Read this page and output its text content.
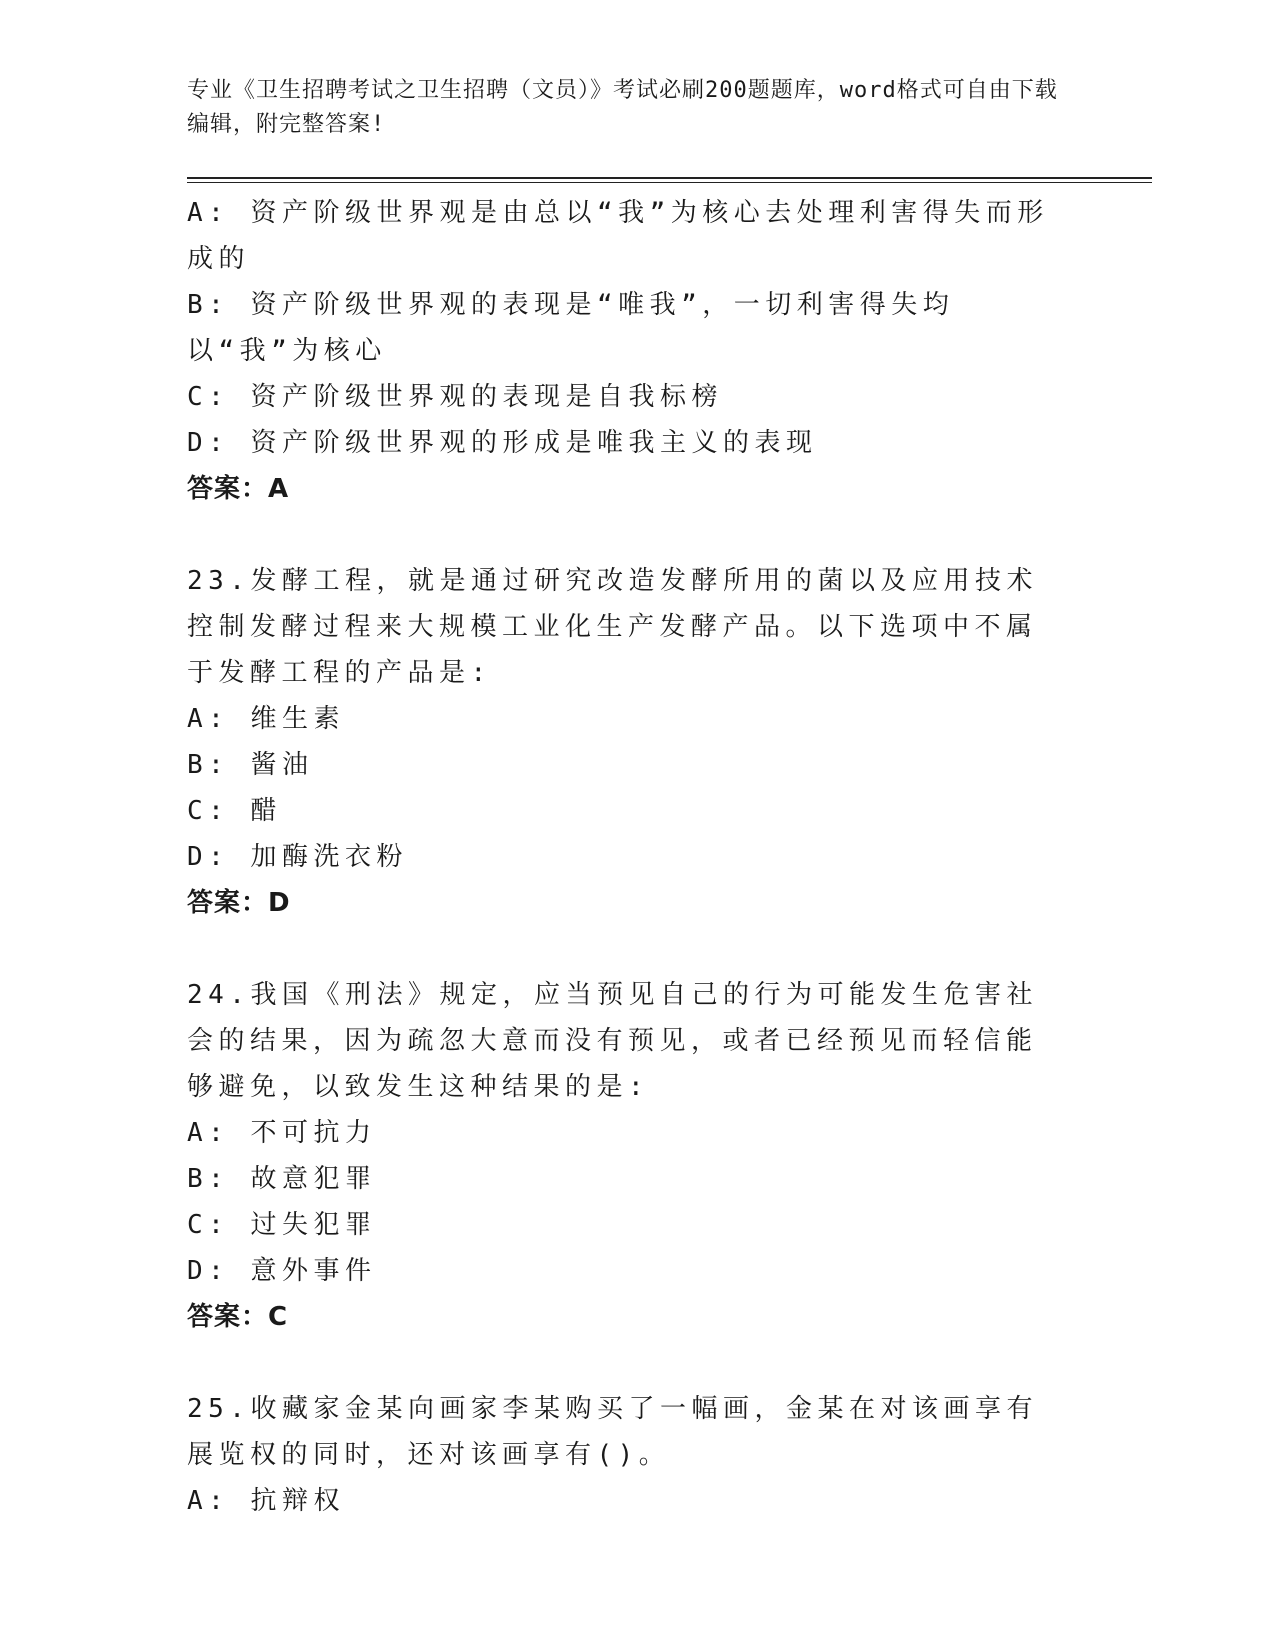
专业《卫生招聘考试之卫生招聘（文员）》考试必刷200题题库，word格式可自由下载编辑，附完整答案!
A: 资产阶级世界观是由总以“我”为核心去处理利害得失而形成的
B: 资产阶级世界观的表现是“唯我”，一切利害得失均以“我”为核心
C: 资产阶级世界观的表现是自我标榜
D: 资产阶级世界观的形成是唯我主义的表现
答案：A
23.发酵工程，就是通过研究改造发酵所用的菌以及应用技术控制发酵过程来大规模工业化生产发酵产品。以下选项中不属于发酵工程的产品是:
A: 维生素
B: 酱油
C: 醋
D: 加酶洗衣粉
答案：D
24.我国《刑法》规定，应当预见自己的行为可能发生危害社会的结果，因为疏忽大意而没有预见，或者已经预见而轻信能够避免，以致发生这种结果的是:
A: 不可抗力
B: 故意犯罪
C: 过失犯罪
D: 意外事件
答案：C
25.收藏家金某向画家李某购买了一幅画，金某在对该画享有展览权的同时，还对该画享有()。
A: 抗辩权
